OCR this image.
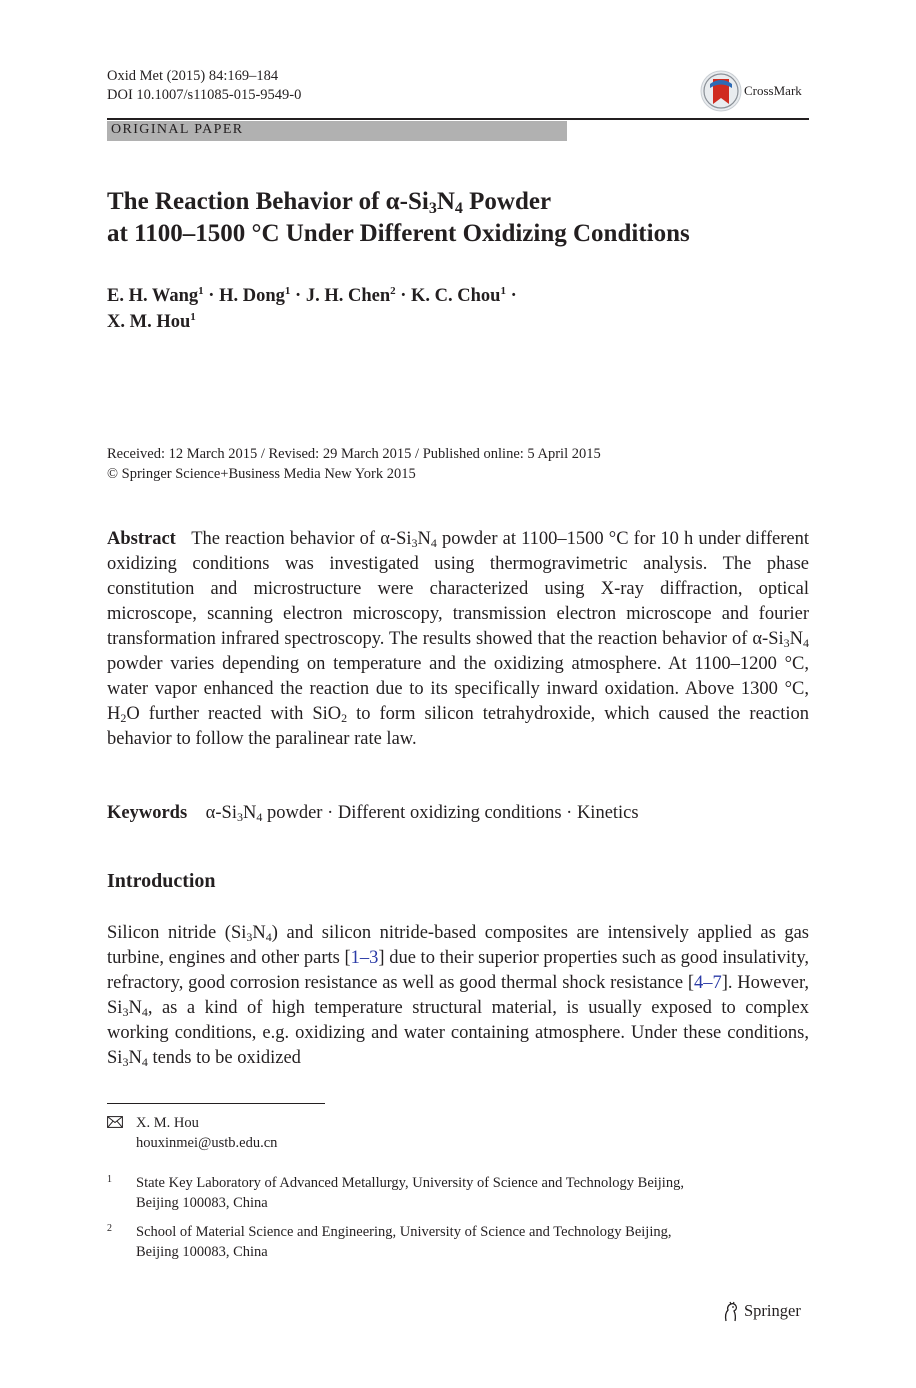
Oxid Met (2015) 84:169–184
DOI 10.1007/s11085-015-9549-0	CrossMark
ORIGINAL PAPER
The Reaction Behavior of $\alpha-Si_3N_4$ Powder
at 1100–1500 °C Under Different Oxidizing Conditions
E. H. Wang$^1$ · H. Dong$^1$ · J. H. Chen$^2$ · K. C. Chou$^1$ ·
X. M. Hou$^1$
Received: 12 March 2015 / Revised: 29 March 2015 / Published online: 5 April 2015
© Springer Science+Business Media New York 2015
Abstract The reaction behavior of $\alpha-Si_3N_4$ powder at 1100–1500 °C for 10 h under different oxidizing conditions was investigated using thermogravimetric analysis. The phase constitution and microstructure were characterized using X-ray diffraction, optical microscope, scanning electron microscopy, transmission electron microscope and fourier transformation infrared spectroscopy. The results showed that the reaction behavior of $\alpha-Si_3N_4$ powder varies depending on temperature and the oxidizing atmosphere. At 1100–1200 °C, water vapor enhanced the reaction due to its specifically inward oxidation. Above 1300 °C, $H_2O$ further reacted with SiO$_2$ to form silicon tetrahydroxide, which caused the reaction behavior to follow the paralinear rate law.
Keywords $\alpha-Si_3N_4$ powder · Different oxidizing conditions · Kinetics
Introduction
Silicon nitride $(Si_3N_4)$ and silicon nitride-based composites are intensively applied as gas turbine, engines and other parts [1–3] due to their superior properties such as good insulativity, refractory, good corrosion resistance as well as good thermal shock resistance [4–7]. However, $Si_3N_4$, as a kind of high temperature structural material, is usually exposed to complex working conditions, e.g. oxidizing and water containing atmosphere. Under these conditions, $Si_3N_4$ tends to be oxidized
X. M. Hou
houxinmei@ustb.edu.cn
1 State Key Laboratory of Advanced Metallurgy, University of Science and Technology Beijing,
Beijing 100083, China
2 School of Material Science and Engineering, University of Science and Technology Beijing,
Beijing 100083, China
Springer
